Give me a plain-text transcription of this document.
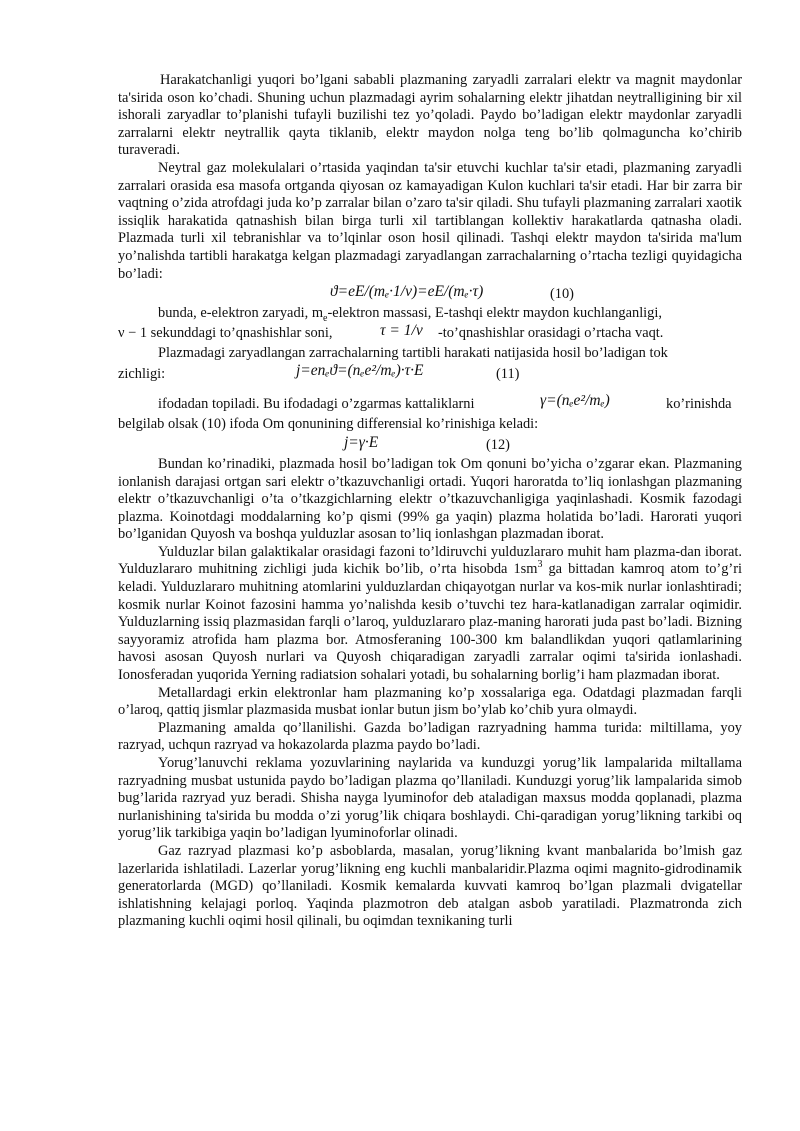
Harakatchanligi yuqori bo’lgani sababli plazmaning zaryadli zarralari elektr va magnit maydonlar ta'sirida oson ko’chadi. Shuning uchun plazmadagi ayrim sohalarning elektr jihatdan neytralligining bir xil ishorali zaryadlar to’planishi tufayli buzilishi tez yo’qoladi. Paydo bo’ladigan elektr maydonlar zaryadli zarralarni elektr neytrallik qayta tiklanib, elektr maydon nolga teng bo’lib qolmaguncha ko’chirib turaveradi.

Neytral gaz molekulalari o’rtasida yaqindan ta'sir etuvchi kuchlar ta'sir etadi, plazmaning zaryadli zarralari orasida esa masofa ortganda qiyosan oz kamayadigan Kulon kuchlari ta'sir etadi. Har bir zarra bir vaqtning o’zida atrofdagi juda ko’p zarralar bilan o’zaro ta'sir qiladi. Shu tufayli plazmaning zarralari xaotik issiqlik harakatida qatnashish bilan birga turli xil tartiblangan kollektiv harakatlarda qatnasha oladi. Plazmada turli xil tebranishlar va to’lqinlar oson hosil qilinadi. Tashqi elektr maydon ta'sirida ma'lum yo’nalishda tartibli harakatga kelgan plazmadagi zaryadlangan zarrachalarning o’rtacha tezligi quyidagicha bo’ladi:

ϑ=eE/(mₑ·1/ν)=eE/(mₑ·τ)	(10)

bunda, e-elektron zaryadi, $m_e$-elektron massasi, E-tashqi elektr maydon kuchlanganligi,

ν − 1 sekunddagi to’qnashishlar soni,	τ = 1/ν -to’qnashishlar orasidagi o’rtacha vaqt.

Plazmadagi zaryadlangan zarrachalarning tartibli harakati natijasida hosil bo’ladigan tok

zichligi:	j=enₑϑ=(nₑe²/mₑ)·τ·E	(11)
ifodadan topiladi. Bu ifodadagi o’zgarmas kattaliklarni	γ=(nₑe²/mₑ)	ko’rinishda

belgilab olsak (10) ifoda Om qonunining differensial ko’rinishiga keladi:

j=γ·E	(12)

Bundan ko’rinadiki, plazmada hosil bo’ladigan tok Om qonuni bo’yicha o’zgarar ekan. Plazmaning ionlanish darajasi ortgan sari elektr o’tkazuvchanligi ortadi. Yuqori haroratda to’liq ionlashgan plazmaning elektr o’tkazuvchanligi o’ta o’tkazgichlarning elektr o’tkazuvchanligiga yaqinlashadi. Kosmik fazodagi plazma. Koinotdagi moddalarning ko’p qismi (99% ga yaqin) plazma holatida bo’ladi. Harorati yuqori bo’lganidan Quyosh va boshqa yulduzlar asosan to’liq ionlashgan plazmadan iborat.

Yulduzlar bilan galaktikalar orasidagi fazoni to’ldiruvchi yulduzlararo muhit ham plazma-dan iborat. Yulduzlararo muhitning zichligi juda kichik bo’lib, o’rta hisobda $1sm^3$ ga bittadan kamroq atom to’g’ri keladi. Yulduzlararo muhitning atomlarini yulduzlardan chiqayotgan nurlar va kos-mik nurlar ionlashtiradi; kosmik nurlar Koinot fazosini hamma yo’nalishda kesib o’tuvchi tez hara-katlanadigan zarralar oqimidir. Yulduzlarning issiq plazmasidan farqli o’laroq, yulduzlararo plaz-maning harorati juda past bo’ladi. Bizning sayyoramiz atrofida ham plazma bor. Atmosferaning 100-300 km balandlikdan yuqori qatlamlarining havosi asosan Quyosh nurlari va Quyosh chiqaradigan zaryadli zarralar oqimi ta'sirida ionlashadi. Ionosferadan yuqorida Yerning radiatsion sohalari yotadi, bu sohalarning borlig’i ham plazmadan iborat.

Metallardagi erkin elektronlar ham plazmaning ko’p xossalariga ega. Odatdagi plazmadan farqli o’laroq, qattiq jismlar plazmasida musbat ionlar butun jism bo’ylab ko’chib yura olmaydi.

Plazmaning amalda qo’llanilishi. Gazda bo’ladigan razryadning hamma turida: miltillama, yoy razryad, uchqun razryad va hokazolarda plazma paydo bo’ladi.

Yorug’lanuvchi reklama yozuvlarining naylarida va kunduzgi yorug’lik lampalarida miltallama razryadning musbat ustunida paydo bo’ladigan plazma qo’llaniladi. Kunduzgi yorug’lik lampalarida simob bug’larida razryad yuz beradi. Shisha nayga lyuminofor deb ataladigan maxsus modda qoplanadi, plazma nurlanishining ta'sirida bu modda o’zi yorug’lik chiqara boshlaydi. Chi-qaradigan yorug’likning tarkibi oq yorug’lik tarkibiga yaqin bo’ladigan lyuminoforlar olinadi.

Gaz razryad plazmasi ko’p asboblarda, masalan, yorug’likning kvant manbalarida bo’lmish gaz lazerlarida ishlatiladi. Lazerlar yorug’likning eng kuchli manbalaridir.Plazma oqimi magnito-gidrodinamik generatorlarda (MGD) qo’llaniladi. Kosmik kemalarda kuvvati kamroq bo’lgan plazmali dvigatellar ishlatishning kelajagi porloq. Yaqinda plazmotron deb atalgan asbob yaratiladi. Plazmatronda zich plazmaning kuchli oqimi hosil qilinali, bu oqimdan texnikaning turli
